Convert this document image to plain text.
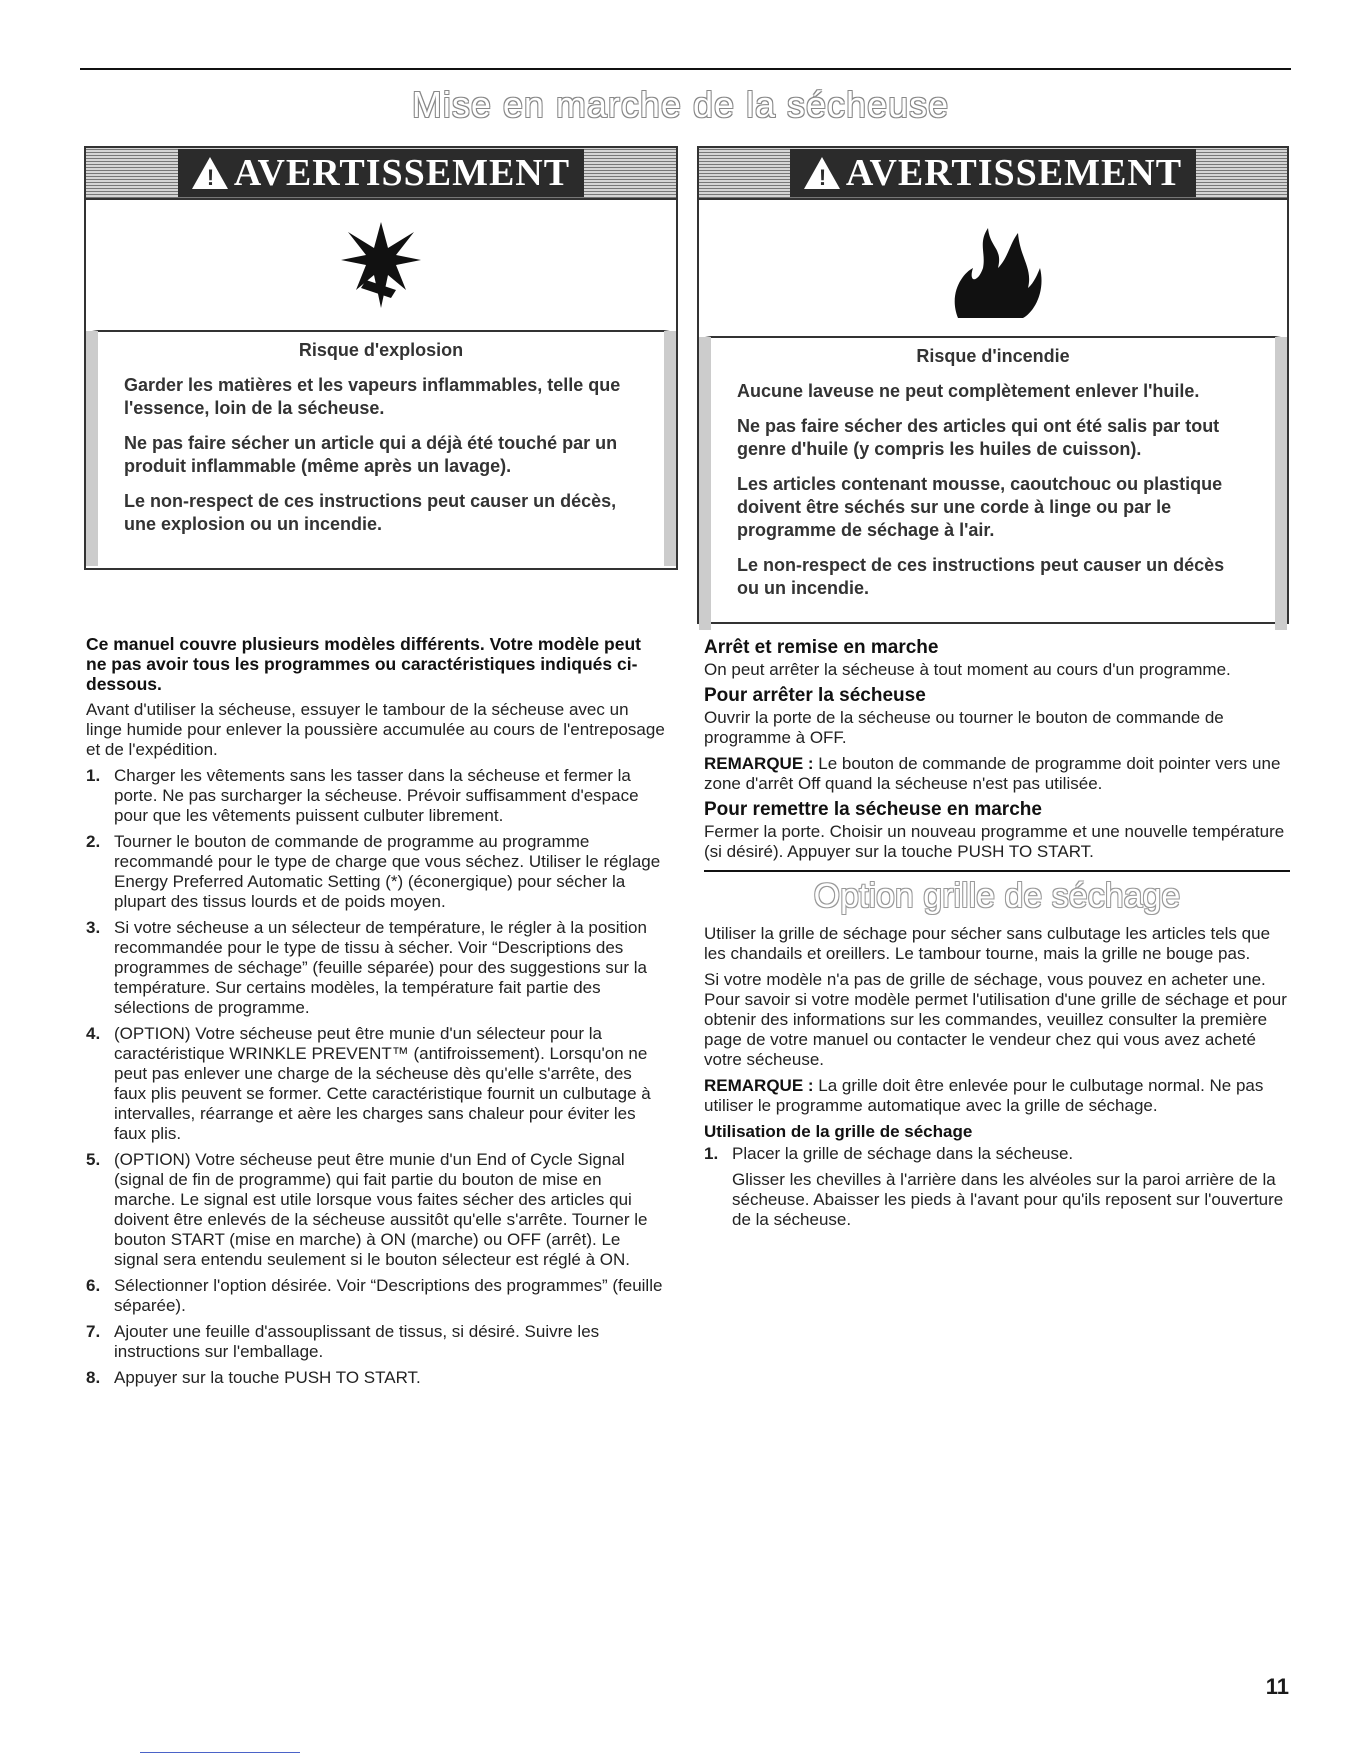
Mise en marche de la sécheuse
! AVERTISSEMENT
Risque d'explosion

Garder les matières et les vapeurs inflammables, telle que l'essence, loin de la sécheuse.

Ne pas faire sécher un article qui a déjà été touché par un produit inflammable (même après un lavage).

Le non-respect de ces instructions peut causer un décès, une explosion ou un incendie.

! AVERTISSEMENT
Risque d'incendie

Aucune laveuse ne peut complètement enlever l'huile.

Ne pas faire sécher des articles qui ont été salis par tout genre d'huile (y compris les huiles de cuisson).

Les articles contenant mousse, caoutchouc ou plastique doivent être séchés sur une corde à linge ou par le programme de séchage à l'air.

Le non-respect de ces instructions peut causer un décès ou un incendie.

Ce manuel couvre plusieurs modèles différents. Votre modèle peut ne pas avoir tous les programmes ou caractéristiques indiqués ci-dessous.

Avant d'utiliser la sécheuse, essuyer le tambour de la sécheuse avec un linge humide pour enlever la poussière accumulée au cours de l'entreposage et de l'expédition.

1. Charger les vêtements sans les tasser dans la sécheuse et fermer la porte. Ne pas surcharger la sécheuse. Prévoir suffisamment d'espace pour que les vêtements puissent culbuter librement.
2. Tourner le bouton de commande de programme au programme recommandé pour le type de charge que vous séchez. Utiliser le réglage Energy Preferred Automatic Setting (*) (éconergique) pour sécher la plupart des tissus lourds et de poids moyen.
3. Si votre sécheuse a un sélecteur de température, le régler à la position recommandée pour le type de tissu à sécher. Voir “Descriptions des programmes de séchage” (feuille séparée) pour des suggestions sur la température. Sur certains modèles, la température fait partie des sélections de programme.
4. (OPTION) Votre sécheuse peut être munie d'un sélecteur pour la caractéristique WRINKLE PREVENT™ (antifroissement). Lorsqu'on ne peut pas enlever une charge de la sécheuse dès qu'elle s'arrête, des faux plis peuvent se former. Cette caractéristique fournit un culbutage à intervalles, réarrange et aère les charges sans chaleur pour éviter les faux plis.
5. (OPTION) Votre sécheuse peut être munie d'un End of Cycle Signal (signal de fin de programme) qui fait partie du bouton de mise en marche. Le signal est utile lorsque vous faites sécher des articles qui doivent être enlevés de la sécheuse aussitôt qu'elle s'arrête. Tourner le bouton START (mise en marche) à ON (marche) ou OFF (arrêt). Le signal sera entendu seulement si le bouton sélecteur est réglé à ON.
6. Sélectionner l'option désirée. Voir “Descriptions des programmes” (feuille séparée).
7. Ajouter une feuille d'assouplissant de tissus, si désiré. Suivre les instructions sur l'emballage.
8. Appuyer sur la touche PUSH TO START.
Arrêt et remise en marche

On peut arrêter la sécheuse à tout moment au cours d'un programme.

Pour arrêter la sécheuse

Ouvrir la porte de la sécheuse ou tourner le bouton de commande de programme à OFF.

REMARQUE : Le bouton de commande de programme doit pointer vers une zone d'arrêt Off quand la sécheuse n'est pas utilisée.

Pour remettre la sécheuse en marche

Fermer la porte. Choisir un nouveau programme et une nouvelle température (si désiré). Appuyer sur la touche PUSH TO START.

Option grille de séchage

Utiliser la grille de séchage pour sécher sans culbutage les articles tels que les chandails et oreillers. Le tambour tourne, mais la grille ne bouge pas.

Si votre modèle n'a pas de grille de séchage, vous pouvez en acheter une. Pour savoir si votre modèle permet l'utilisation d'une grille de séchage et pour obtenir des informations sur les commandes, veuillez consulter la première page de votre manuel ou contacter le vendeur chez qui vous avez acheté votre sécheuse.

REMARQUE : La grille doit être enlevée pour le culbutage normal. Ne pas utiliser le programme automatique avec la grille de séchage.

Utilisation de la grille de séchage
1. Placer la grille de séchage dans la sécheuse.

Glisser les chevilles à l'arrière dans les alvéoles sur la paroi arrière de la sécheuse. Abaisser les pieds à l'avant pour qu'ils reposent sur l'ouverture de la sécheuse.

11
